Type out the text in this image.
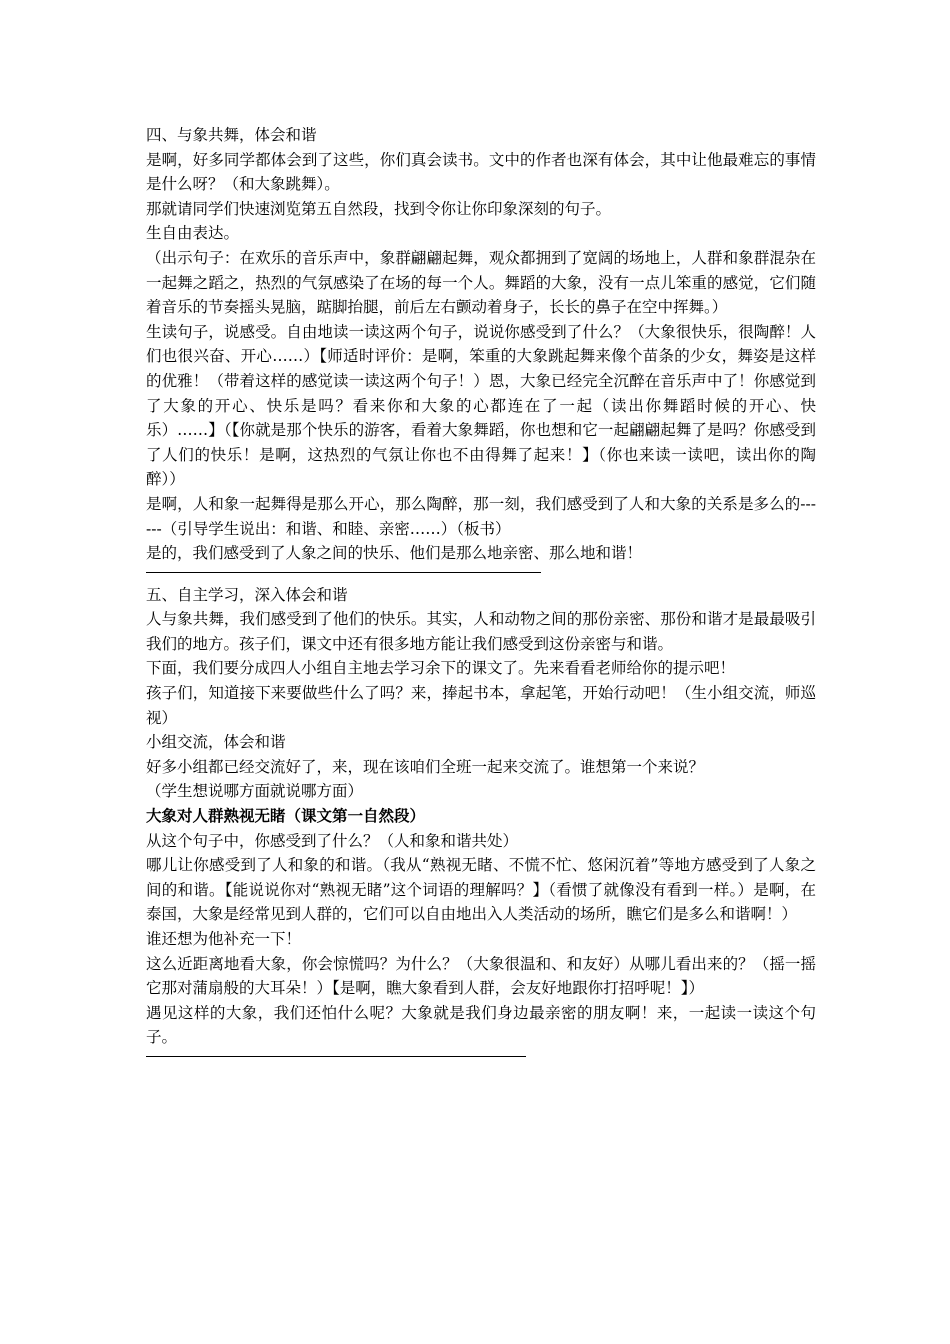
四、与象共舞，体会和谐

是啊，好多同学都体会到了这些，你们真会读书。文中的作者也深有体会，其中让他最难忘的事情是什么呀？（和大象跳舞）。

那就请同学们快速浏览第五自然段，找到令你让你印象深刻的句子。

生自由表达。

（出示句子：在欢乐的音乐声中，象群翩翩起舞，观众都拥到了宽阔的场地上，人群和象群混杂在一起舞之蹈之，热烈的气氛感染了在场的每一个人。舞蹈的大象，没有一点儿笨重的感觉，它们随着音乐的节奏摇头晃脑，踮脚抬腿，前后左右颤动着身子，长长的鼻子在空中挥舞。）

生读句子，说感受。自由地读一读这两个句子，说说你感受到了什么？（大象很快乐，很陶醉！人们也很兴奋、开心……）【师适时评价：是啊，笨重的大象跳起舞来像个苗条的少女，舞姿是这样的优雅！（带着这样的感觉读一读这两个句子！）恩，大象已经完全沉醉在音乐声中了！你感觉到了大象的开心、快乐是吗？看来你和大象的心都连在了一起（读出你舞蹈时候的开心、快乐）……】（【你就是那个快乐的游客，看着大象舞蹈，你也想和它一起翩翩起舞了是吗？你感受到了人们的快乐！是啊，这热烈的气氛让你也不由得舞了起来！】（你也来读一读吧，读出你的陶醉））

是啊，人和象一起舞得是那么开心，那么陶醉，那一刻，我们感受到了人和大象的关系是多么的------（引导学生说出：和谐、和睦、亲密……）（板书）

是的，我们感受到了人象之间的快乐、他们是那么地亲密、那么地和谐！

五、自主学习，深入体会和谐

人与象共舞，我们感受到了他们的快乐。其实，人和动物之间的那份亲密、那份和谐才是最最吸引我们的地方。孩子们，课文中还有很多地方能让我们感受到这份亲密与和谐。

下面，我们要分成四人小组自主地去学习余下的课文了。先来看看老师给你的提示吧！

孩子们，知道接下来要做些什么了吗？来，捧起书本，拿起笔，开始行动吧！（生小组交流，师巡视）

小组交流，体会和谐

好多小组都已经交流好了，来，现在该咱们全班一起来交流了。谁想第一个来说？

（学生想说哪方面就说哪方面）

大象对人群熟视无睹（课文第一自然段）

从这个句子中，你感受到了什么？（人和象和谐共处）

哪儿让你感受到了人和象的和谐。（我从“熟视无睹、不慌不忙、悠闲沉着”等地方感受到了人象之间的和谐。【能说说你对“熟视无睹”这个词语的理解吗？】（看惯了就像没有看到一样。）是啊，在泰国，大象是经常见到人群的，它们可以自由地出入人类活动的场所，瞧它们是多么和谐啊！）

谁还想为他补充一下！

这么近距离地看大象，你会惊慌吗？为什么？（大象很温和、和友好）从哪儿看出来的？（摇一摇它那对蒲扇般的大耳朵！）【是啊，瞧大象看到人群，会友好地跟你打招呼呢！】）

遇见这样的大象，我们还怕什么呢？大象就是我们身边最亲密的朋友啊！来，一起读一读这个句子。
